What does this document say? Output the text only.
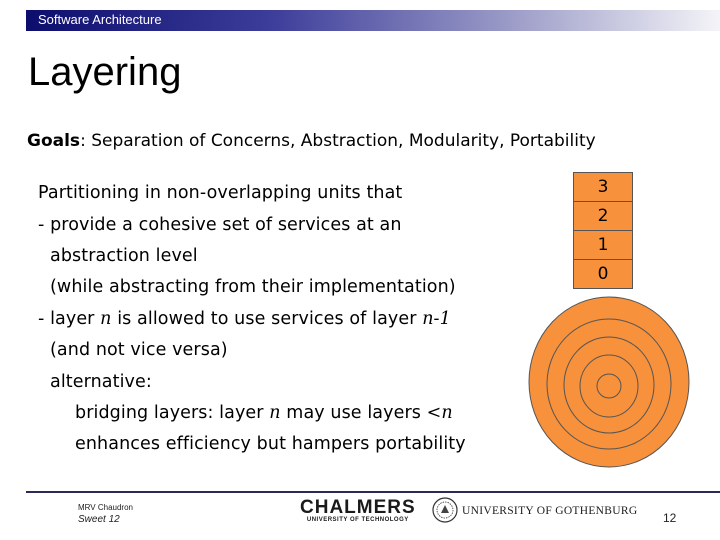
Software Architecture
Layering
Goals: Separation of Concerns, Abstraction, Modularity, Portability
Partitioning in non-overlapping units that
- provide a cohesive set of services at an
abstraction level
(while abstracting from their implementation)
- layer n is allowed to use services of layer n-1
(and not vice versa)
alternative:
bridging layers: layer n may use layers <n
enhances efficiency but hampers portability
3
2
1
0
MRV Chaudron
Sweet 12
CHALMERS
UNIVERSITY OF TECHNOLOGY
UNIVERSITY OF GOTHENBURG 12
